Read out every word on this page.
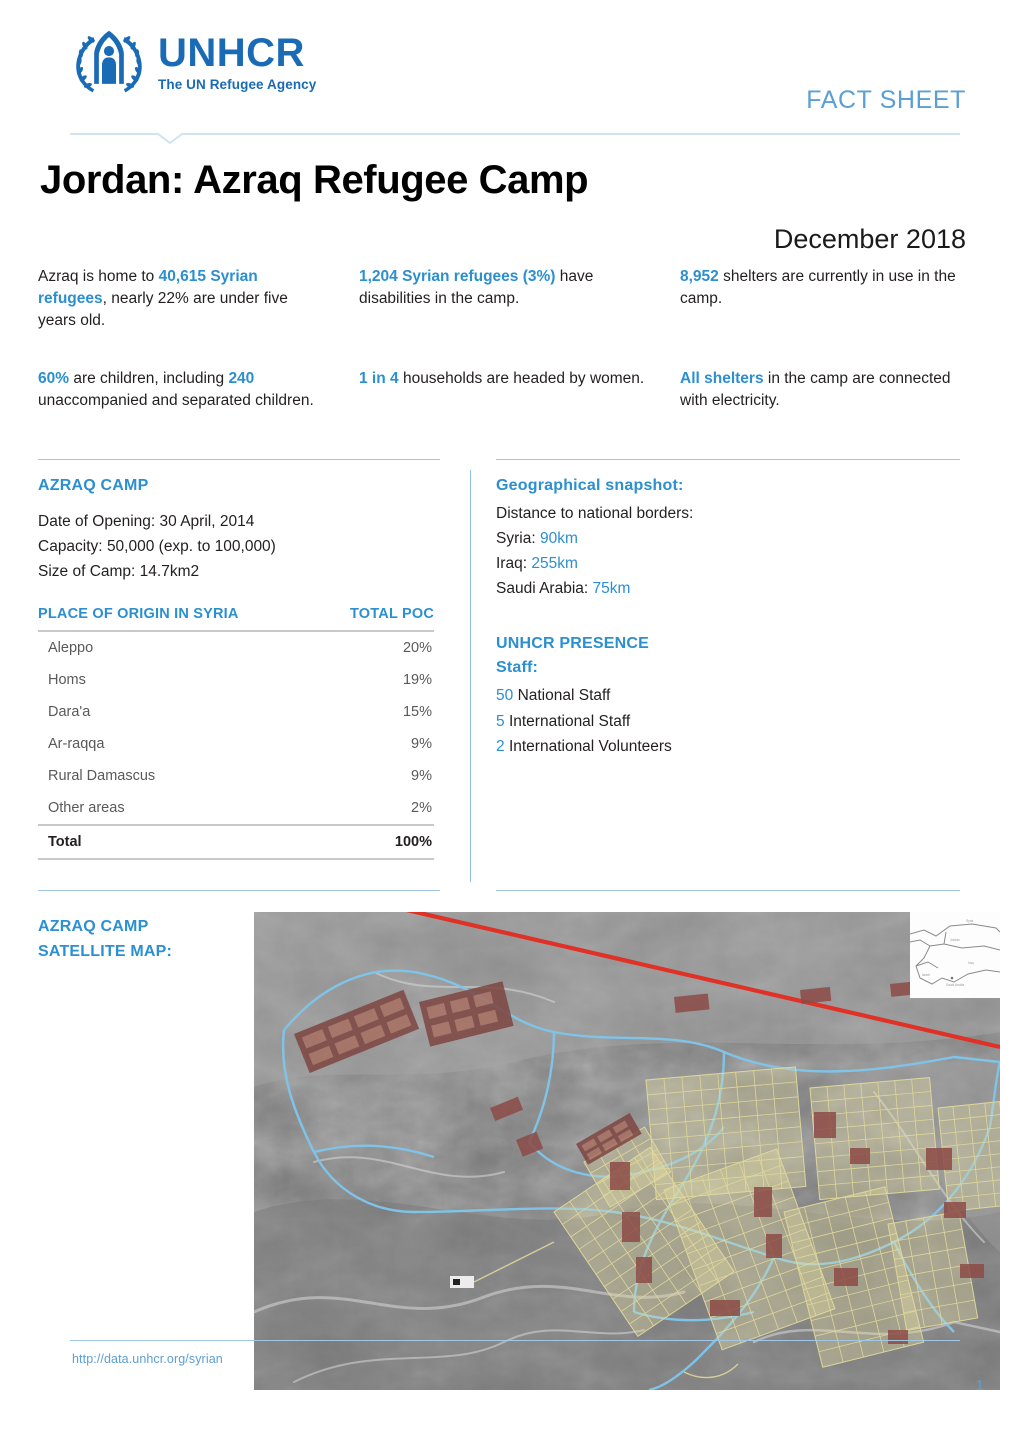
UNHCR
The UN Refugee Agency
FACT SHEET
Jordan: Azraq Refugee Camp
December 2018
Azraq is home to 40,615 Syrian refugees, nearly 22% are under five years old.
1,204 Syrian refugees (3%) have disabilities in the camp.
8,952 shelters are currently in use in the camp.
60% are children, including 240 unaccompanied and separated children.
1 in 4 households are headed by women. All shelters in the camp are connected with electricity.
AZRAQ CAMP
Date of Opening: 30 April, 2014
Capacity: 50,000 (exp. to 100,000)
Size of Camp: 14.7km2
PLACE OF ORIGIN IN SYRIA	TOTAL POC
Aleppo	20%
Homs	19%
Dara'a	15%
Ar-raqqa	9%
Rural Damascus	9%
Other areas	2%
Total	100%
Geographical snapshot:
Distance to national borders:
Syria: 90km
Iraq: 255km
Saudi Arabia: 75km
UNHCR PRESENCE
Staff:
50 National Staff
5 International Staff
2 International Volunteers
AZRAQ CAMP
SATELLITE MAP:
Syria
Jordan
Iraq
Israel
Saudi Arabia
http://data.unhcr.org/syrian
1
